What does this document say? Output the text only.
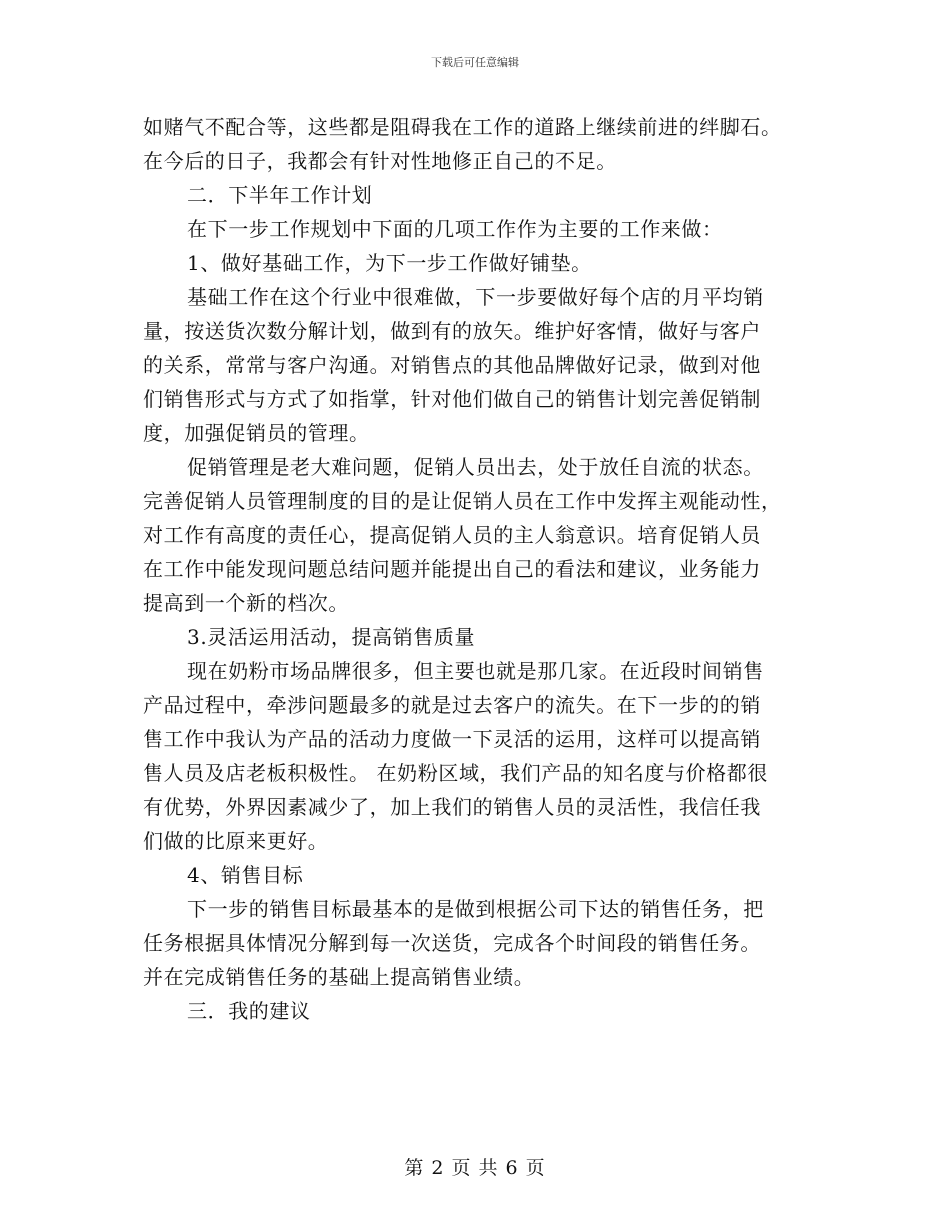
下载后可任意编辑
如赌气不配合等，这些都是阻碍我在工作的道路上继续前进的绊脚石。
在今后的日子，我都会有针对性地修正自己的不足。
二．下半年工作计划
在下一步工作规划中下面的几项工作作为主要的工作来做：
1、做好基础工作，为下一步工作做好铺垫。
基础工作在这个行业中很难做，下一步要做好每个店的月平均销
量，按送货次数分解计划，做到有的放矢。维护好客情，做好与客户
的关系，常常与客户沟通。对销售点的其他品牌做好记录，做到对他
们销售形式与方式了如指掌，针对他们做自己的销售计划完善促销制
度，加强促销员的管理。
促销管理是老大难问题，促销人员出去，处于放任自流的状态。
完善促销人员管理制度的目的是让促销人员在工作中发挥主观能动性，
对工作有高度的责任心，提高促销人员的主人翁意识。培育促销人员
在工作中能发现问题总结问题并能提出自己的看法和建议，业务能力
提高到一个新的档次。
3.灵活运用活动，提高销售质量
现在奶粉市场品牌很多，但主要也就是那几家。在近段时间销售
产品过程中，牵涉问题最多的就是过去客户的流失。在下一步的的销
售工作中我认为产品的活动力度做一下灵活的运用，这样可以提高销
售人员及店老板积极性。 在奶粉区域，我们产品的知名度与价格都很
有优势，外界因素减少了，加上我们的销售人员的灵活性，我信任我
们做的比原来更好。
4、销售目标
下一步的销售目标最基本的是做到根据公司下达的销售任务，把
任务根据具体情况分解到每一次送货，完成各个时间段的销售任务。
并在完成销售任务的基础上提高销售业绩。
三．我的建议
第 2 页 共 6 页
